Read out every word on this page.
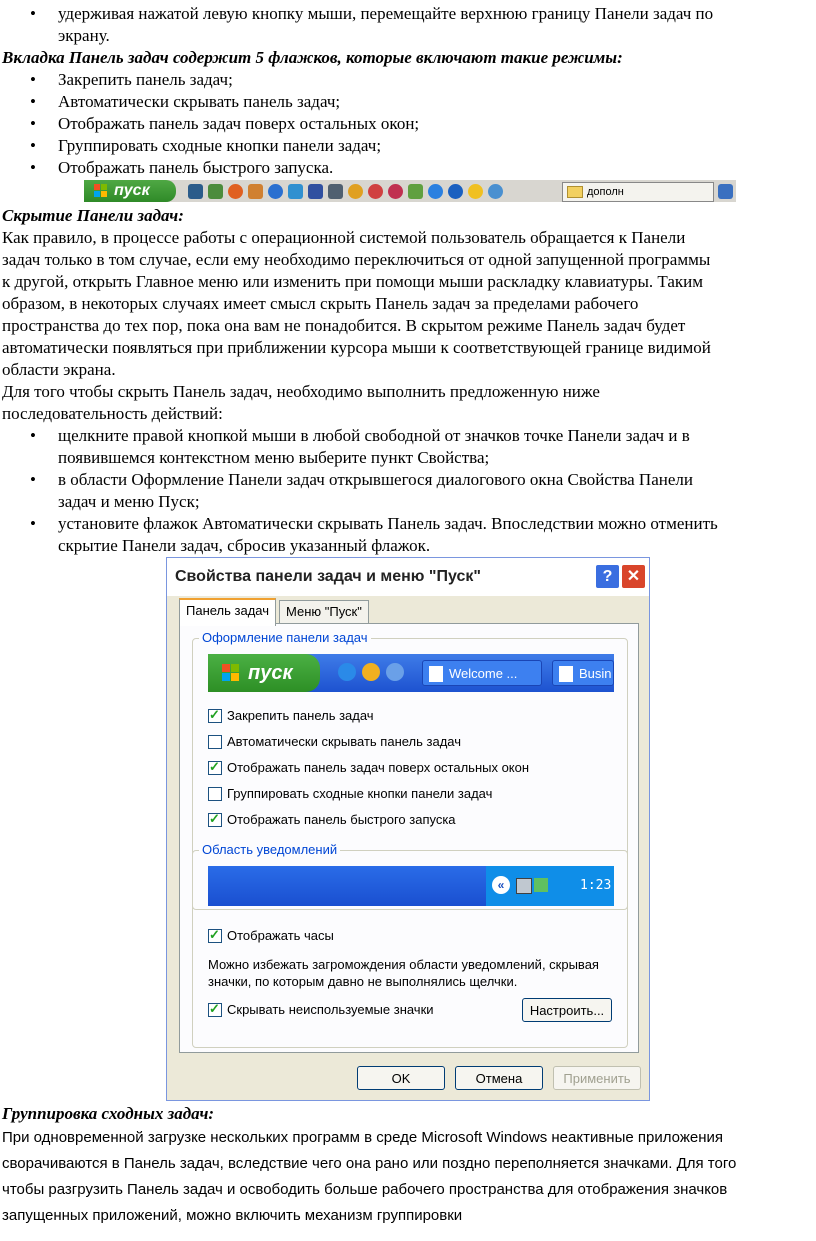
• удерживая нажатой левую кнопку мыши, перемещайте верхнюю границу Панели задач по
экрану.

Вкладка Панель задач содержит 5 флажков, которые включают такие режимы:

• Закрепить панель задач;
• Автоматически скрывать панель задач;
• Отображать панель задач поверх остальных окон;
• Группировать сходные кнопки панели задач;
• Отображать панель быстрого запуска.
пуск	дополн

Скрытие Панели задач:

Как правило, в процессе работы с операционной системой пользователь обращается к Панели

задач только в том случае, если ему необходимо переключиться от одной запущенной программы

к другой, открыть Главное меню или изменить при помощи мыши раскладку клавиатуры. Таким

образом, в некоторых случаях имеет смысл скрыть Панель задач за пределами рабочего

пространства до тех пор, пока она вам не понадобится. В скрытом режиме Панель задач будет

автоматически появляться при приближении курсора мыши к соответствующей границе видимой

области экрана.

Для того чтобы скрыть Панель задач, необходимо выполнить предложенную ниже

последовательность действий:

• щелкните правой кнопкой мыши в любой свободной от значков точке Панели задач и в
появившемся контекстном меню выберите пункт Свойства;
• в области Оформление Панели задач открывшегося диалогового окна Свойства Панели
задач и меню Пуск;
• установите флажок Автоматически скрывать Панель задач. Впоследствии можно отменить
скрытие Панели задач, сбросив указанный флажок.
Свойства панели задач и меню "Пуск"	? ✕
Панель задач	Меню "Пуск"
Оформление панели задач
пуск	Welcome ...	Busin
✓
Закрепить панель задач
Автоматически скрывать панель задач
✓
Отображать панель задач поверх остальных окон
Группировать сходные кнопки панели задач
✓
Отображать панель быстрого запуска
Область уведомлений
«	1:23
✓
Отображать часы
Можно избежать загромождения области уведомлений, скрывая
значки, по которым давно не выполнялись щелчки.
✓
Скрывать неиспользуемые значки	Настроить...
OK	Отмена	Применить

Группировка сходных задач:

При одновременной загрузке нескольких программ в среде Microsoft Windows неактивные приложения

сворачиваются в Панель задач, вследствие чего она рано или поздно переполняется значками. Для того

чтобы разгрузить Панель задач и освободить больше рабочего пространства для отображения значков

запущенных приложений, можно включить механизм группировки
